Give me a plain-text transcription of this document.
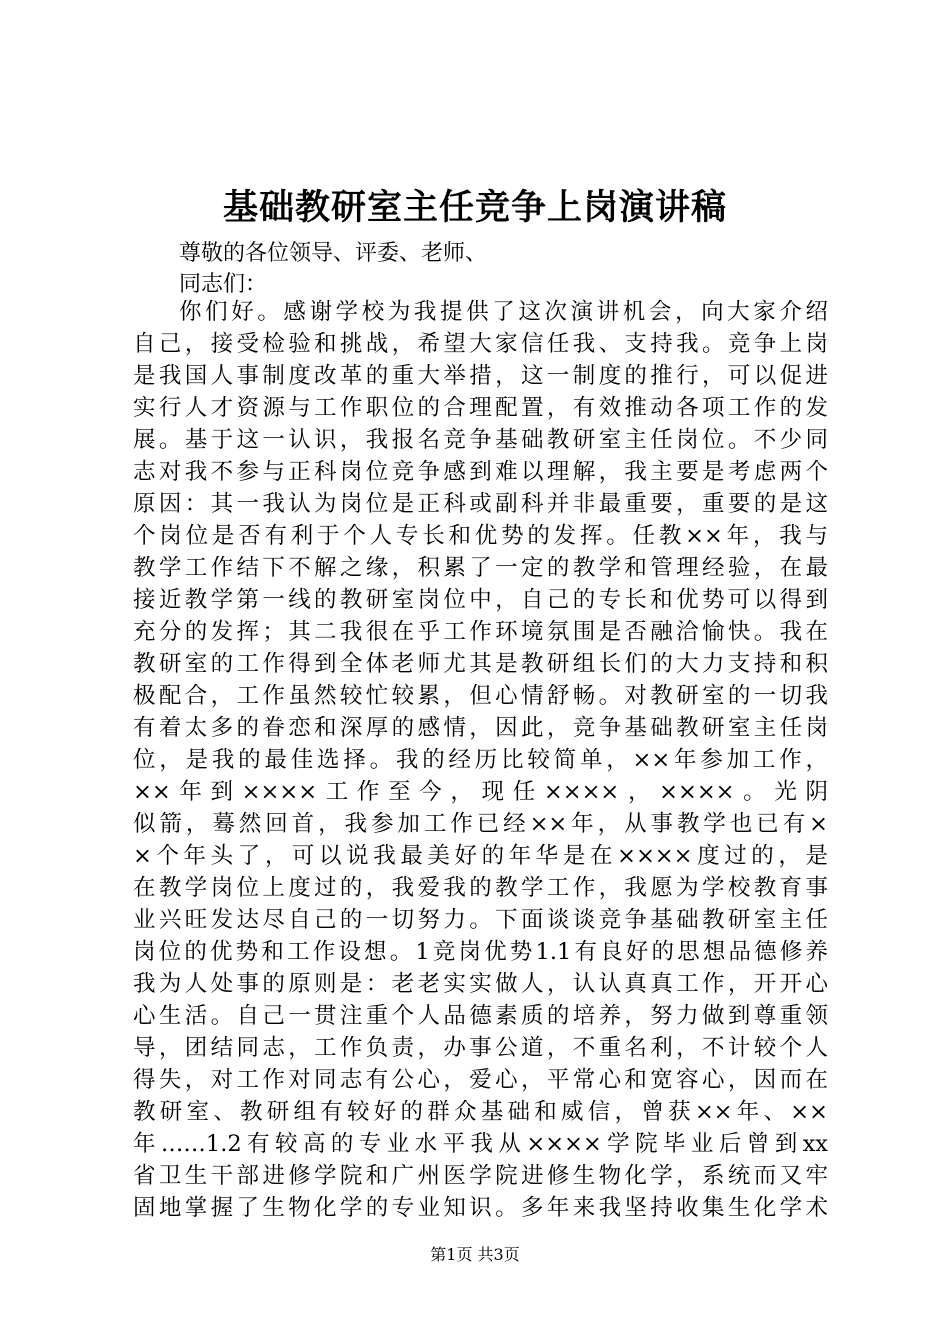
基础教研室主任竞争上岗演讲稿
尊敬的各位领导、评委、老师、
同志们：
你们好。感谢学校为我提供了这次演讲机会，向大家介绍
自己，接受检验和挑战，希望大家信任我、支持我。竞争上岗
是我国人事制度改革的重大举措，这一制度的推行，可以促进
实行人才资源与工作职位的合理配置，有效推动各项工作的发
展。基于这一认识，我报名竞争基础教研室主任岗位。不少同
志对我不参与正科岗位竞争感到难以理解，我主要是考虑两个
原因：其一我认为岗位是正科或副科并非最重要，重要的是这
个岗位是否有利于个人专长和优势的发挥。任教××年，我与
教学工作结下不解之缘，积累了一定的教学和管理经验，在最
接近教学第一线的教研室岗位中，自己的专长和优势可以得到
充分的发挥；其二我很在乎工作环境氛围是否融洽愉快。我在
教研室的工作得到全体老师尤其是教研组长们的大力支持和积
极配合，工作虽然较忙较累，但心情舒畅。对教研室的一切我
有着太多的眷恋和深厚的感情，因此，竞争基础教研室主任岗
位，是我的最佳选择。我的经历比较简单，××年参加工作，
××年到××××工作至今，现任××××，××××。光阴
似箭，蓦然回首，我参加工作已经××年，从事教学也已有×
×个年头了，可以说我最美好的年华是在××××度过的，是
在教学岗位上度过的，我爱我的教学工作，我愿为学校教育事
业兴旺发达尽自己的一切努力。下面谈谈竞争基础教研室主任
岗位的优势和工作设想。1竞岗优势1.1有良好的思想品德修养
我为人处事的原则是：老老实实做人，认认真真工作，开开心
心生活。自己一贯注重个人品德素质的培养，努力做到尊重领
导，团结同志，工作负责，办事公道，不重名利，不计较个人
得失，对工作对同志有公心，爱心，平常心和宽容心，因而在
教研室、教研组有较好的群众基础和威信，曾获××年、××
年……1.2有较高的专业水平我从××××学院毕业后曾到xx
省卫生干部进修学院和广州医学院进修生物化学，系统而又牢
固地掌握了生物化学的专业知识。多年来我坚持收集生化学术
第1页 共3页
